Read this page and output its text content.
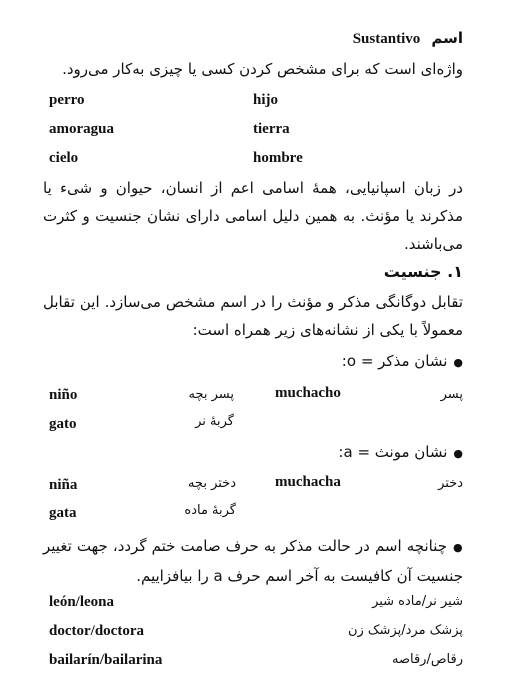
اسم Sustantivo
واژه‌ای است که برای مشخص کردن کسی یا چیزی به‌کار می‌رود.
perro	hijo
amoragua	tierra
cielo	hombre
در زبان اسپانیایی، همهٔ اسامی اعم از انسان، حیوان و شیء یا مذکرند یا مؤنث. به همین دلیل اسامی دارای نشان جنسیت و کثرت می‌باشند.
۱. جنسیت
تقابل دوگانگی مذکر و مؤنث را در اسم مشخص می‌سازد. این تقابل معمولاً با یکی از نشانه‌های زیر همراه است:
● نشان مذکر = o:
niño	پسر بچه	muchacho	پسر
gato	گربهٔ نر
● نشان مونث = a:
niña	دختر بچه	muchacha	دختر
gata	گربهٔ ماده
● چنانچه اسم در حالت مذکر به حرف صامت ختم گردد، جهت تغییر جنسیت آن کافیست به آخر اسم حرف a را بیافزاییم.
león/leona	شیر نر/ماده شیر
doctor/doctora	پزشک مرد/پزشک زن
bailarín/bailarina	رقاص/رقاصه
